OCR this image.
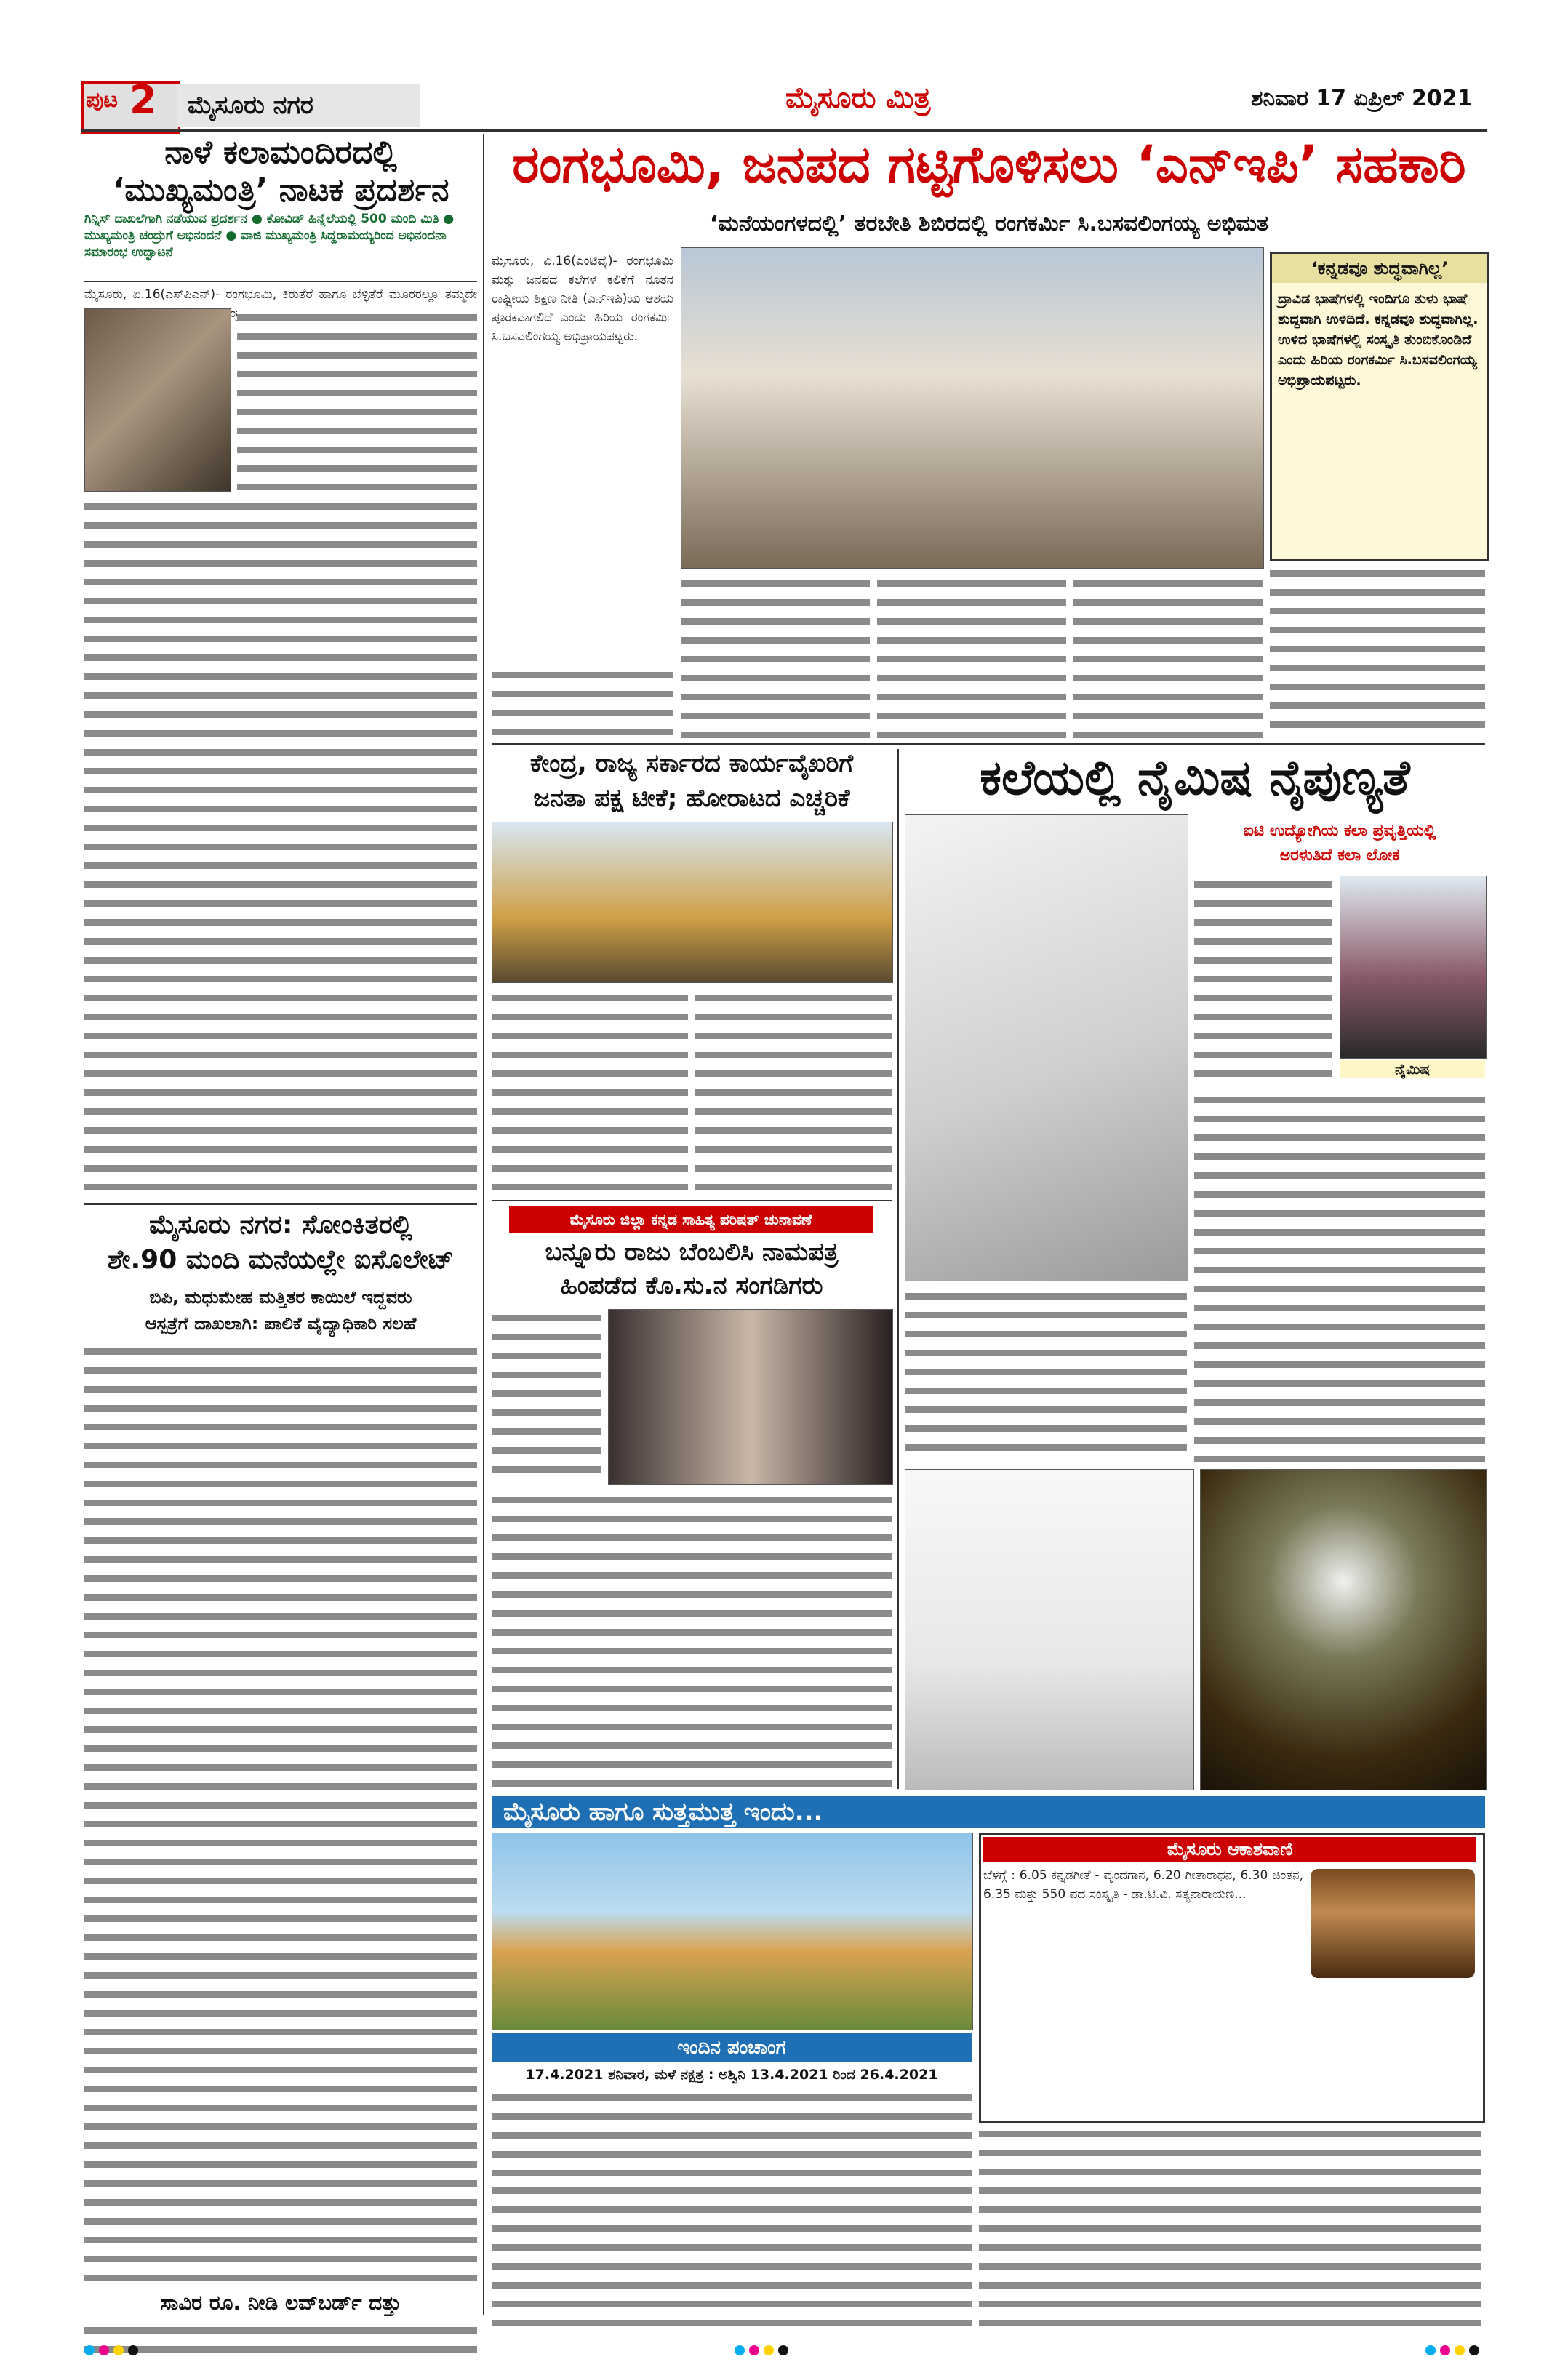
ಪುಟ 2	ಮೈಸೂರು ನಗರ	ಮೈಸೂರು ಮಿತ್ರ	ಶನಿವಾರ 17 ಏಪ್ರಿಲ್ 2021
ನಾಳೆ ಕಲಾಮಂದಿರದಲ್ಲಿ
‘ಮುಖ್ಯಮಂತ್ರಿ’ ನಾಟಕ ಪ್ರದರ್ಶನ
ಗಿನ್ನಿಸ್ ದಾಖಲೆಗಾಗಿ ನಡೆಯುವ ಪ್ರದರ್ಶನ ● ಕೋವಿಡ್ ಹಿನ್ನೆಲೆಯಲ್ಲಿ 500 ಮಂದಿ ಮಿತಿ ● ಮುಖ್ಯಮಂತ್ರಿ ಚಂದ್ರುಗೆ ಅಭಿನಂದನೆ ● ವಾಜಿ ಮುಖ್ಯಮಂತ್ರಿ ಸಿದ್ದರಾಮಯ್ಯರಿಂದ ಅಭಿನಂದನಾ ಸಮಾರಂಭ ಉದ್ಘಾಟನೆ
ಮೈಸೂರು, ಏ.16(ಎಸ್‌ಪಿಎನ್)- ರಂಗಭೂಮಿ, ಕಿರುತೆರೆ ಹಾಗೂ ಬೆಳ್ಳಿತೆರೆ ಮೂರರಲ್ಲೂ ತಮ್ಮದೇ
ಮೈಸೂರು ನಗರ: ಸೋಂಕಿತರಲ್ಲಿ
ಶೇ.90 ಮಂದಿ ಮನೆಯಲ್ಲೇ ಐಸೊಲೇಟ್
ಬಿಪಿ, ಮಧುಮೇಹ ಮತ್ತಿತರ ಕಾಯಿಲೆ ಇದ್ದವರು
ಆಸ್ಪತ್ರೆಗೆ ದಾಖಲಾಗಿ: ಪಾಲಿಕೆ ವೈದ್ಯಾಧಿಕಾರಿ ಸಲಹೆ
ಸಾವಿರ ರೂ. ನೀಡಿ ಲವ್‌ಬರ್ಡ್ ದತ್ತು
ರಂಗಭೂಮಿ, ಜನಪದ ಗಟ್ಟಿಗೊಳಿಸಲು ‘ಎನ್‌ಇಪಿ’ ಸಹಕಾರಿ
‘ಮನೆಯಂಗಳದಲ್ಲಿ’ ತರಬೇತಿ ಶಿಬಿರದಲ್ಲಿ ರಂಗಕರ್ಮಿ ಸಿ.ಬಸವಲಿಂಗಯ್ಯ ಅಭಿಮತ
ಮೈಸೂರು, ಏ.16(ಎಂಟಿವೈ)- ರಂಗಭೂಮಿ ಮತ್ತು ಜನಪದ ಕಲೆಗಳ ಕಲಿಕೆಗೆ ನೂತನ ರಾಷ್ಟ್ರೀಯ ಶಿಕ್ಷಣ ನೀತಿ (ಎನ್‌ಇಪಿ)ಯ ಆಶಯ ಪೂರಕವಾಗಲಿದೆ ಎಂದು ಹಿರಿಯ ರಂಗಕರ್ಮಿ ಸಿ.ಬಸವಲಿಂಗಯ್ಯ ಅಭಿಪ್ರಾಯಪಟ್ಟರು.
‘ಕನ್ನಡವೂ ಶುದ್ಧವಾಗಿಲ್ಲ’
ದ್ರಾವಿಡ ಭಾಷೆಗಳಲ್ಲಿ ಇಂದಿಗೂ ತುಳು ಭಾಷೆ ಶುದ್ಧವಾಗಿ ಉಳಿದಿದೆ. ಕನ್ನಡವೂ ಶುದ್ಧವಾಗಿಲ್ಲ. ಉಳಿದ ಭಾಷೆಗಳಲ್ಲಿ ಸಂಸ್ಕೃತಿ ತುಂಬಿಕೊಂಡಿದೆ ಎಂದು ಹಿರಿಯ ರಂಗಕರ್ಮಿ ಸಿ.ಬಸವಲಿಂಗಯ್ಯ ಅಭಿಪ್ರಾಯಪಟ್ಟರು.
ಕೇಂದ್ರ, ರಾಜ್ಯ ಸರ್ಕಾರದ ಕಾರ್ಯವೈಖರಿಗೆ
ಜನತಾ ಪಕ್ಷ ಟೀಕೆ; ಹೋರಾಟದ ಎಚ್ಚರಿಕೆ
ಮೈಸೂರು ಜಿಲ್ಲಾ ಕನ್ನಡ ಸಾಹಿತ್ಯ ಪರಿಷತ್ ಚುನಾವಣೆ
ಬನ್ನೂರು ರಾಜು ಬೆಂಬಲಿಸಿ ನಾಮಪತ್ರ
ಹಿಂಪಡೆದ ಕೊ.ಸು.ನ ಸಂಗಡಿಗರು
ಕಲೆಯಲ್ಲಿ ನೈಮಿಷ ನೈಪುಣ್ಯತೆ
ಐಟಿ ಉದ್ಯೋಗಿಯ ಕಲಾ ಪ್ರವೃತ್ತಿಯಲ್ಲಿ
ಅರಳುತಿದೆ ಕಲಾ ಲೋಕ
ನೈಮಿಷ
ಮೈಸೂರು ಹಾಗೂ ಸುತ್ತಮುತ್ತ ಇಂದು...
ಇಂದಿನ ಪಂಚಾಂಗ
17.4.2021 ಶನಿವಾರ, ಮಳೆ ನಕ್ಷತ್ರ : ಅಶ್ವಿನಿ 13.4.2021 ರಿಂದ 26.4.2021
ಮೈಸೂರು ಆಕಾಶವಾಣಿ
ಬೆಳಗ್ಗೆ : 6.05 ಕನ್ನಡಗೀತೆ - ವೃಂದಗಾನ, 6.20 ಗೀತಾರಾಧನ, 6.30 ಚಿಂತನ, 6.35 ಮತ್ತು 550 ಪದ ಸಂಸ್ಕೃತಿ - ಡಾ.ಟಿ.ವಿ. ಸತ್ಯನಾರಾಯಣ...
